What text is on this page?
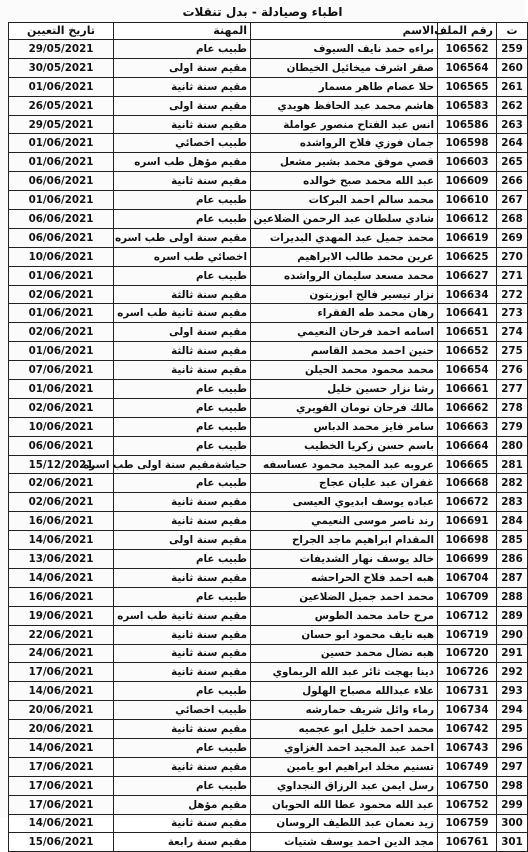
اطباء وصيادلة - بدل تنقلات
ت	رقم الملف	الاسم	المهنة	تاريخ التعيين
259	106562	براءه حمد نايف السيوف	طبيب عام	29/05/2021
260	106564	صقر اشرف ميخائيل الخيطان	مقيم سنة اولى	30/05/2021
261	106565	حلا عصام طاهر مسمار	مقيم سنة ثانية	01/06/2021
262	106583	هاشم محمد عبد الحافظ هويدي	مقيم سنة اولى	26/05/2021
263	106586	انس عبد الفتاح منصور عواملة	مقيم سنة ثانية	29/05/2021
264	106598	جمان فوزي فلاح الرواشده	طبيب اخصائي	01/06/2021
265	106603	قصي موفق محمد بشير مشعل	مقيم مؤهل طب اسره	01/06/2021
266	106609	عبد الله محمد صبح خوالده	مقيم سنة ثانية	06/06/2021
267	106610	محمد سالم احمد البركات	طبيب عام	01/06/2021
268	106612	شادي سلطان عبد الرحمن الضلاعين	طبيب عام	06/06/2021
269	106619	محمد جميل عبد المهدي البديرات	مقيم سنة اولى طب اسره	06/06/2021
270	106625	عرين محمد طالب الابراهيم	اخصائي طب اسره	10/06/2021
271	106627	محمد مسعد سليمان الرواشده	طبيب عام	01/06/2021
272	106634	نزار تيسير فالح ابوزيتون	مقيم سنة ثالثة	02/06/2021
273	106641	رهان محمد طه الفقراء	مقيم سنة ثانية طب اسره	01/06/2021
274	106651	اسامه احمد فرحان النعيمي	مقيم سنة اولى	02/06/2021
275	106652	حنين احمد محمد القاسم	مقيم سنة ثالثة	01/06/2021
276	106654	محمد محمود محمد الحيلن	مقيم سنة ثانية	07/06/2021
277	106661	رشا نزار حسين خليل	طبيب عام	01/06/2021
278	106662	مالك فرحان نومان الفويري	طبيب عام	02/06/2021
279	106663	سامر فايز محمد الدباس	طبيب عام	10/06/2021
280	106664	باسم حسن زكريا الخطيب	طبيب عام	06/06/2021
281	106665	عروبه عبد المجيد محمود عساسفه	حياشةمقيم سنة اولى طب اسره	15/12/2021
282	106668	غفران عبد عليان عجاج	طبيب عام	02/06/2021
283	106672	عباده يوسف ابديوي العيسى	مقيم سنة ثانية	02/06/2021
284	106691	رند ناصر موسى النعيمي	مقيم سنة ثانية	16/06/2021
285	106698	المقدام ابراهيم ماجد الجراح	مقيم سنة اولى	14/06/2021
286	106699	خالد يوسف نهار الشديفات	طبيب عام	13/06/2021
287	106704	هبه احمد فلاح الحراحشه	مقيم سنة ثانية	14/06/2021
288	106709	محمد احمد جميل الضلاعين	طبيب عام	16/06/2021
289	106712	مرح حامد محمد الطوس	مقيم سنة ثانية طب اسره	19/06/2021
290	106719	هبه نايف محمود ابو حسان	مقيم سنة ثانية	22/06/2021
291	106720	هبه نضال محمد حسين	مقيم سنة ثانية	24/06/2021
292	106726	دينا بهجت ثائر عبد الله الربماوي	مقيم سنة ثانية	17/06/2021
293	106731	علاء عبدالله مصباح الهلول	طبيب عام	14/06/2021
294	106734	رماء وائل شريف حمارشه	طبيب اخصائي	20/06/2021
295	106742	محمد احمد خليل ابو عجميه	مقيم سنة ثانية	20/06/2021
296	106743	احمد عبد المجيد احمد الغزاوي	طبيب عام	14/06/2021
297	106749	تسنيم مخلد ابراهيم ابو يامين	مقيم سنة ثانية	17/06/2021
298	106750	رسل ايمن عبد الرزاق النجداوي	طبيب عام	17/06/2021
299	106752	عبد الله محمود عطا الله الحوبان	مقيم مؤهل	17/06/2021
300	106759	زيد نعمان عبد اللطيف الروسان	مقيم سنة ثانية	14/06/2021
301	106761	مجد الدين احمد يوسف شتيات	مقيم سنة رابعة	15/06/2021
